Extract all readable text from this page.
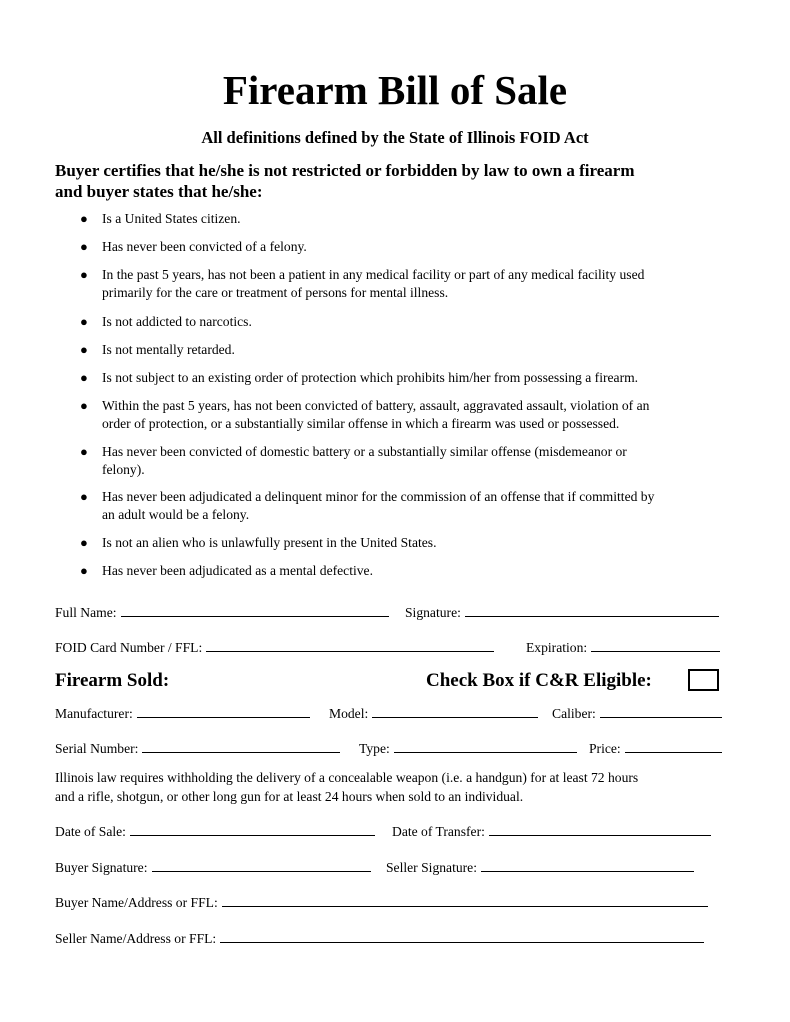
Firearm Bill of Sale
All definitions defined by the State of Illinois FOID Act
Buyer certifies that he/she is not restricted or forbidden by law to own a firearm
and buyer states that he/she:
● Is a United States citizen.
● Has never been convicted of a felony.
● In the past 5 years, has not been a patient in any medical facility or part of any medical facility used
primarily for the care or treatment of persons for mental illness.
● Is not addicted to narcotics.
● Is not mentally retarded.
● Is not subject to an existing order of protection which prohibits him/her from possessing a firearm.
● Within the past 5 years, has not been convicted of battery, assault, aggravated assault, violation of an
order of protection, or a substantially similar offense in which a firearm was used or possessed.
● Has never been convicted of domestic battery or a substantially similar offense (misdemeanor or
felony).
● Has never been adjudicated a delinquent minor for the commission of an offense that if committed by
an adult would be a felony.
● Is not an alien who is unlawfully present in the United States.
● Has never been adjudicated as a mental defective.
Full Name:	Signature:
FOID Card Number / FFL:	Expiration:
Firearm Sold:	Check Box if C&R Eligible:
Manufacturer:	Model:	Caliber:
Serial Number:	Type:	Price:
Illinois law requires withholding the delivery of a concealable weapon (i.e. a handgun) for at least 72 hours
and a rifle, shotgun, or other long gun for at least 24 hours when sold to an individual.
Date of Sale:	Date of Transfer:
Buyer Signature:	Seller Signature:
Buyer Name/Address or FFL:
Seller Name/Address or FFL:
